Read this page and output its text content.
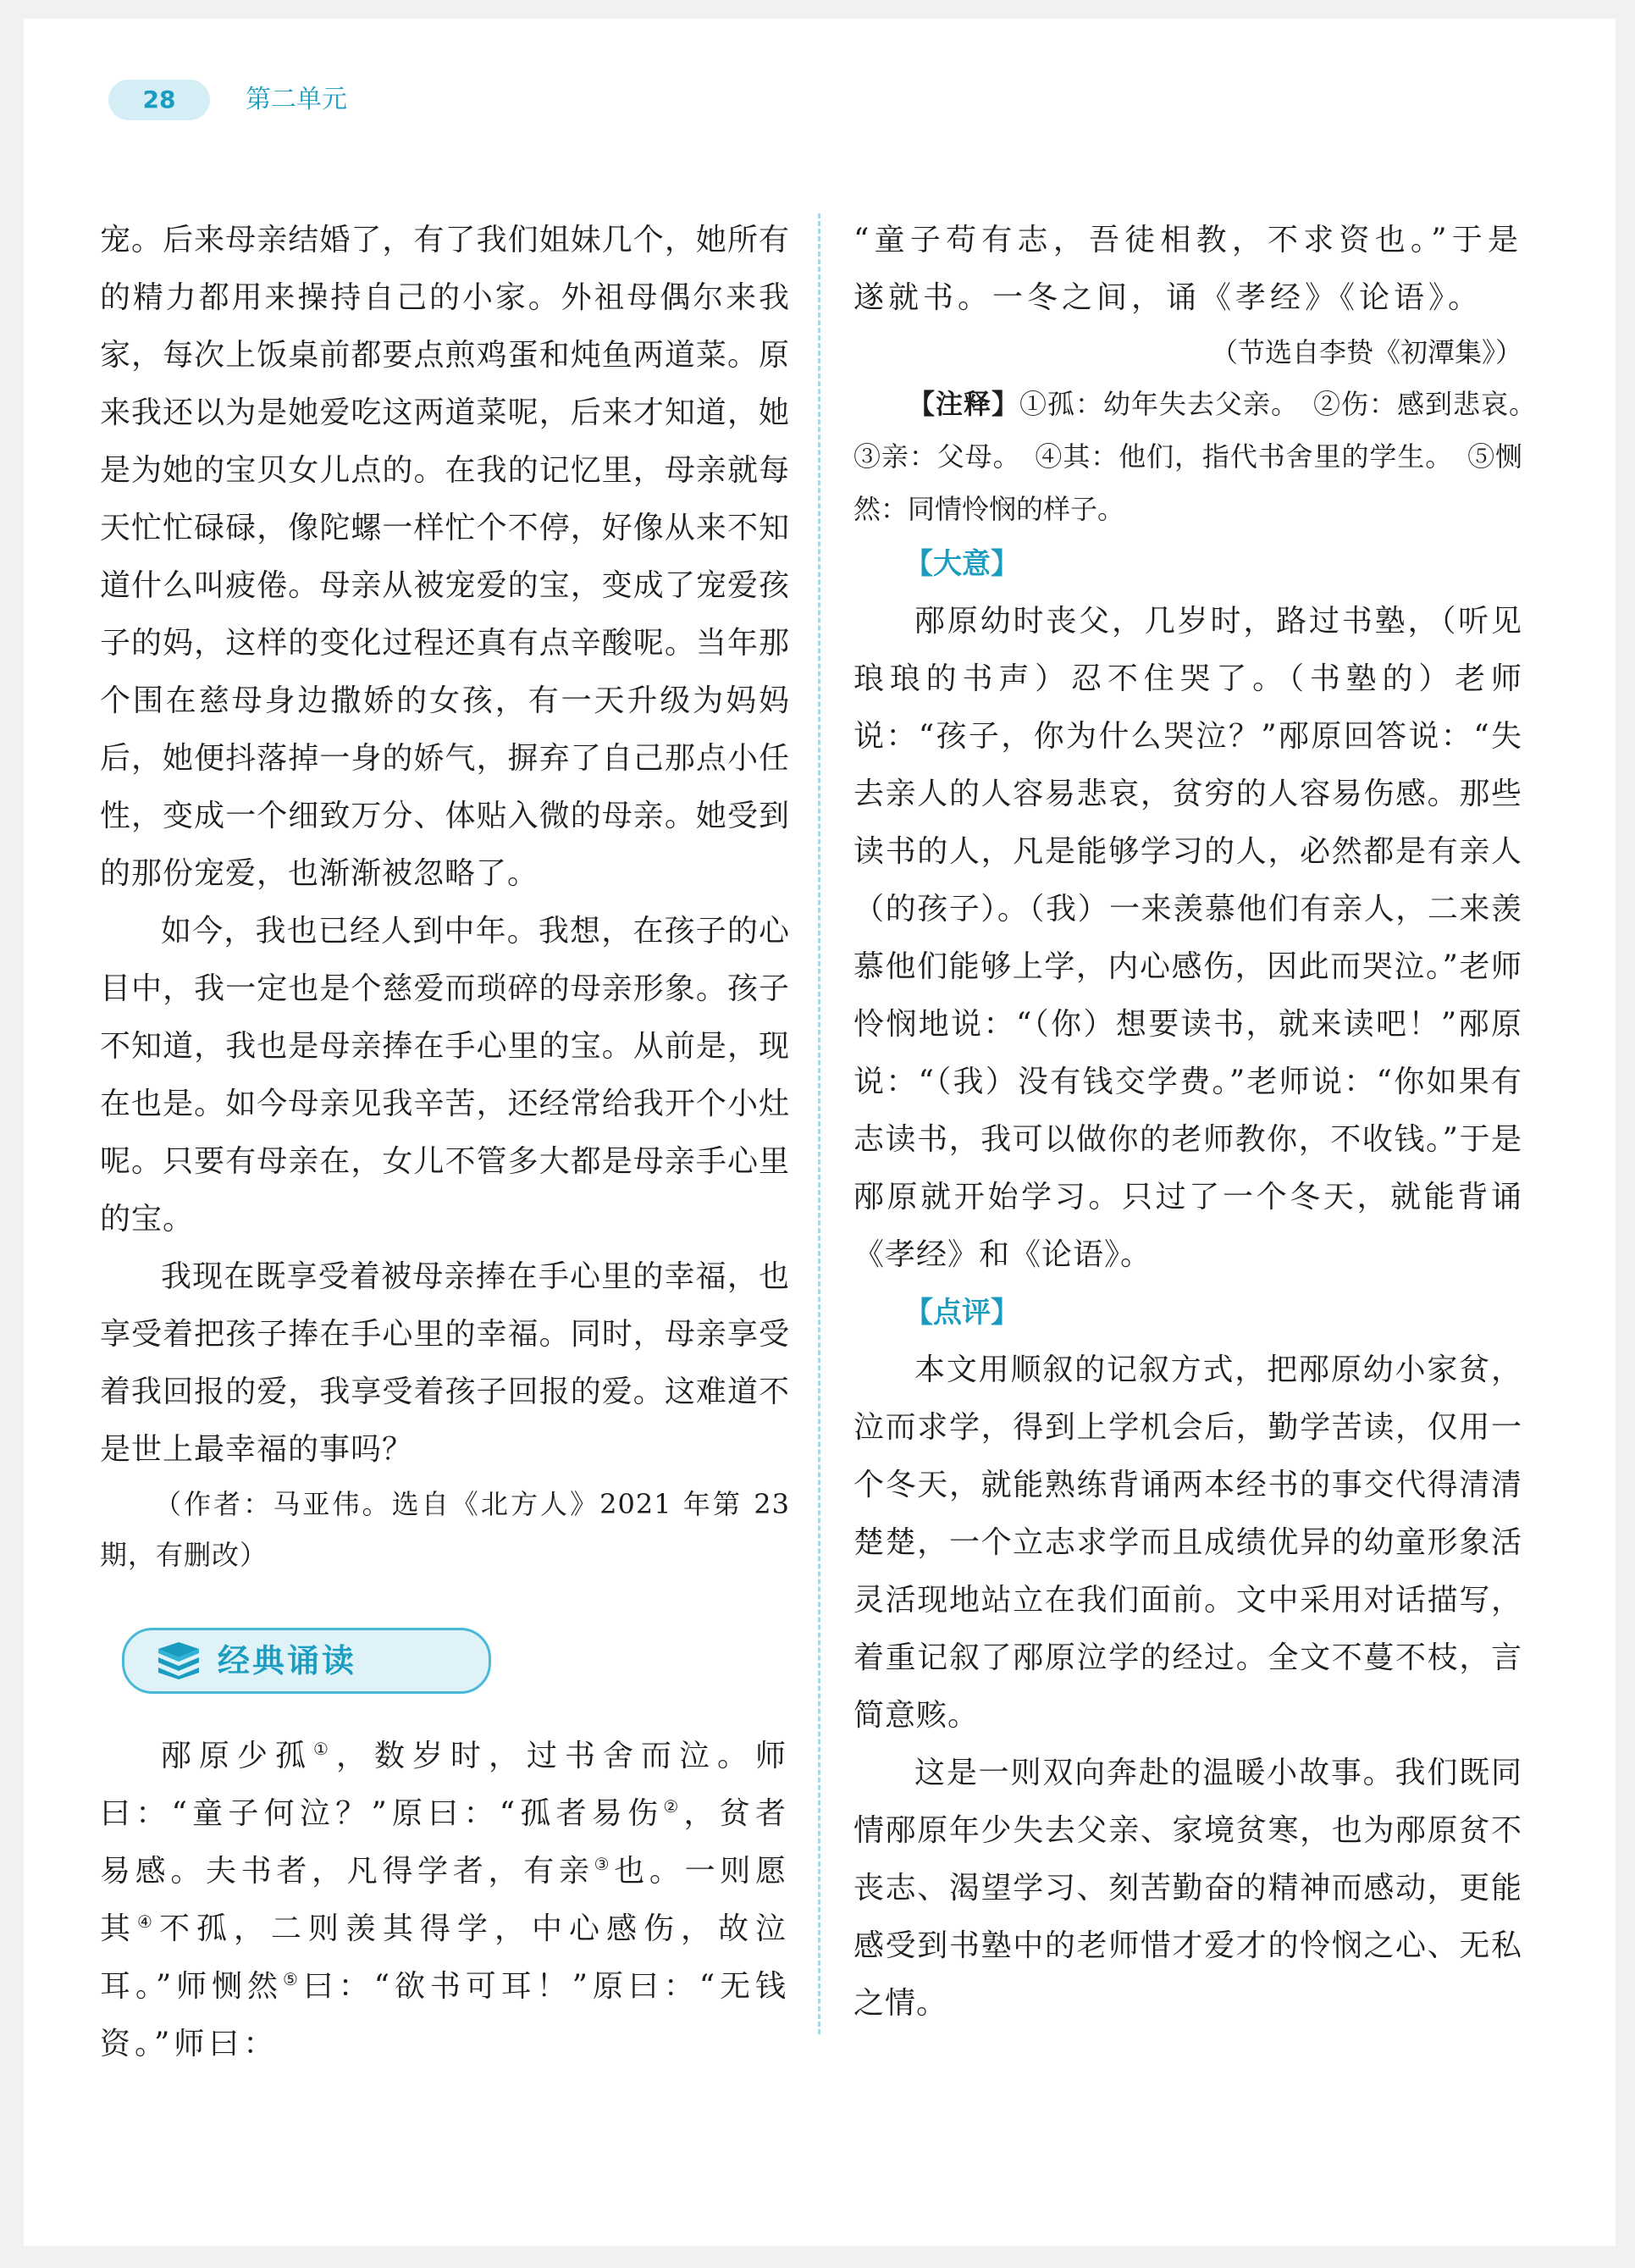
28	第二单元

宠。后来母亲结婚了，有了我们姐妹几个，她所有的精力都用来操持自己的小家。外祖母偶尔来我家，每次上饭桌前都要点煎鸡蛋和炖鱼两道菜。原来我还以为是她爱吃这两道菜呢，后来才知道，她是为她的宝贝女儿点的。在我的记忆里，母亲就每天忙忙碌碌，像陀螺一样忙个不停，好像从来不知道什么叫疲倦。母亲从被宠爱的宝，变成了宠爱孩子的妈，这样的变化过程还真有点辛酸呢。当年那个围在慈母身边撒娇的女孩，有一天升级为妈妈后，她便抖落掉一身的娇气，摒弃了自己那点小任性，变成一个细致万分、体贴入微的母亲。她受到的那份宠爱，也渐渐被忽略了。

如今，我也已经人到中年。我想，在孩子的心目中，我一定也是个慈爱而琐碎的母亲形象。孩子不知道，我也是母亲捧在手心里的宝。从前是，现在也是。如今母亲见我辛苦，还经常给我开个小灶呢。只要有母亲在，女儿不管多大都是母亲手心里的宝。

我现在既享受着被母亲捧在手心里的幸福，也享受着把孩子捧在手心里的幸福。同时，母亲享受着我回报的爱，我享受着孩子回报的爱。这难道不是世上最幸福的事吗？

（作者：马亚伟。选自《北方人》2021 年第 23 期，有删改）

经典诵读

邴原少孤①，数岁时，过书舍而泣。师曰：“童子何泣？”原曰：“孤者易伤②，贫者易感。夫书者，凡得学者，有亲③也。一则愿其④不孤，二则羡其得学，中心感伤，故泣耳。”师恻然⑤曰：“欲书可耳！”原曰：“无钱资。”师曰：

“童子苟有志，吾徒相教，不求资也。”于是遂就书。一冬之间，诵《孝经》《论语》。

（节选自李贽《初潭集》）

【注释】①孤：幼年失去父亲。　②伤：感到悲哀。　③亲：父母。　④其：他们，指代书舍里的学生。　⑤恻然：同情怜悯的样子。

【大意】

邴原幼时丧父，几岁时，路过书塾，（听见琅琅的书声）忍不住哭了。（书塾的）老师说：“孩子，你为什么哭泣？”邴原回答说：“失去亲人的人容易悲哀，贫穷的人容易伤感。那些读书的人，凡是能够学习的人，必然都是有亲人（的孩子）。（我）一来羡慕他们有亲人，二来羡慕他们能够上学，内心感伤，因此而哭泣。”老师怜悯地说：“（你）想要读书，就来读吧！”邴原说：“（我）没有钱交学费。”老师说：“你如果有志读书，我可以做你的老师教你，不收钱。”于是邴原就开始学习。只过了一个冬天，就能背诵《孝经》和《论语》。

【点评】

本文用顺叙的记叙方式，把邴原幼小家贫，泣而求学，得到上学机会后，勤学苦读，仅用一个冬天，就能熟练背诵两本经书的事交代得清清楚楚，一个立志求学而且成绩优异的幼童形象活灵活现地站立在我们面前。文中采用对话描写，着重记叙了邴原泣学的经过。全文不蔓不枝，言简意赅。

这是一则双向奔赴的温暖小故事。我们既同情邴原年少失去父亲、家境贫寒，也为邴原贫不丧志、渴望学习、刻苦勤奋的精神而感动，更能感受到书塾中的老师惜才爱才的怜悯之心、无私之情。
